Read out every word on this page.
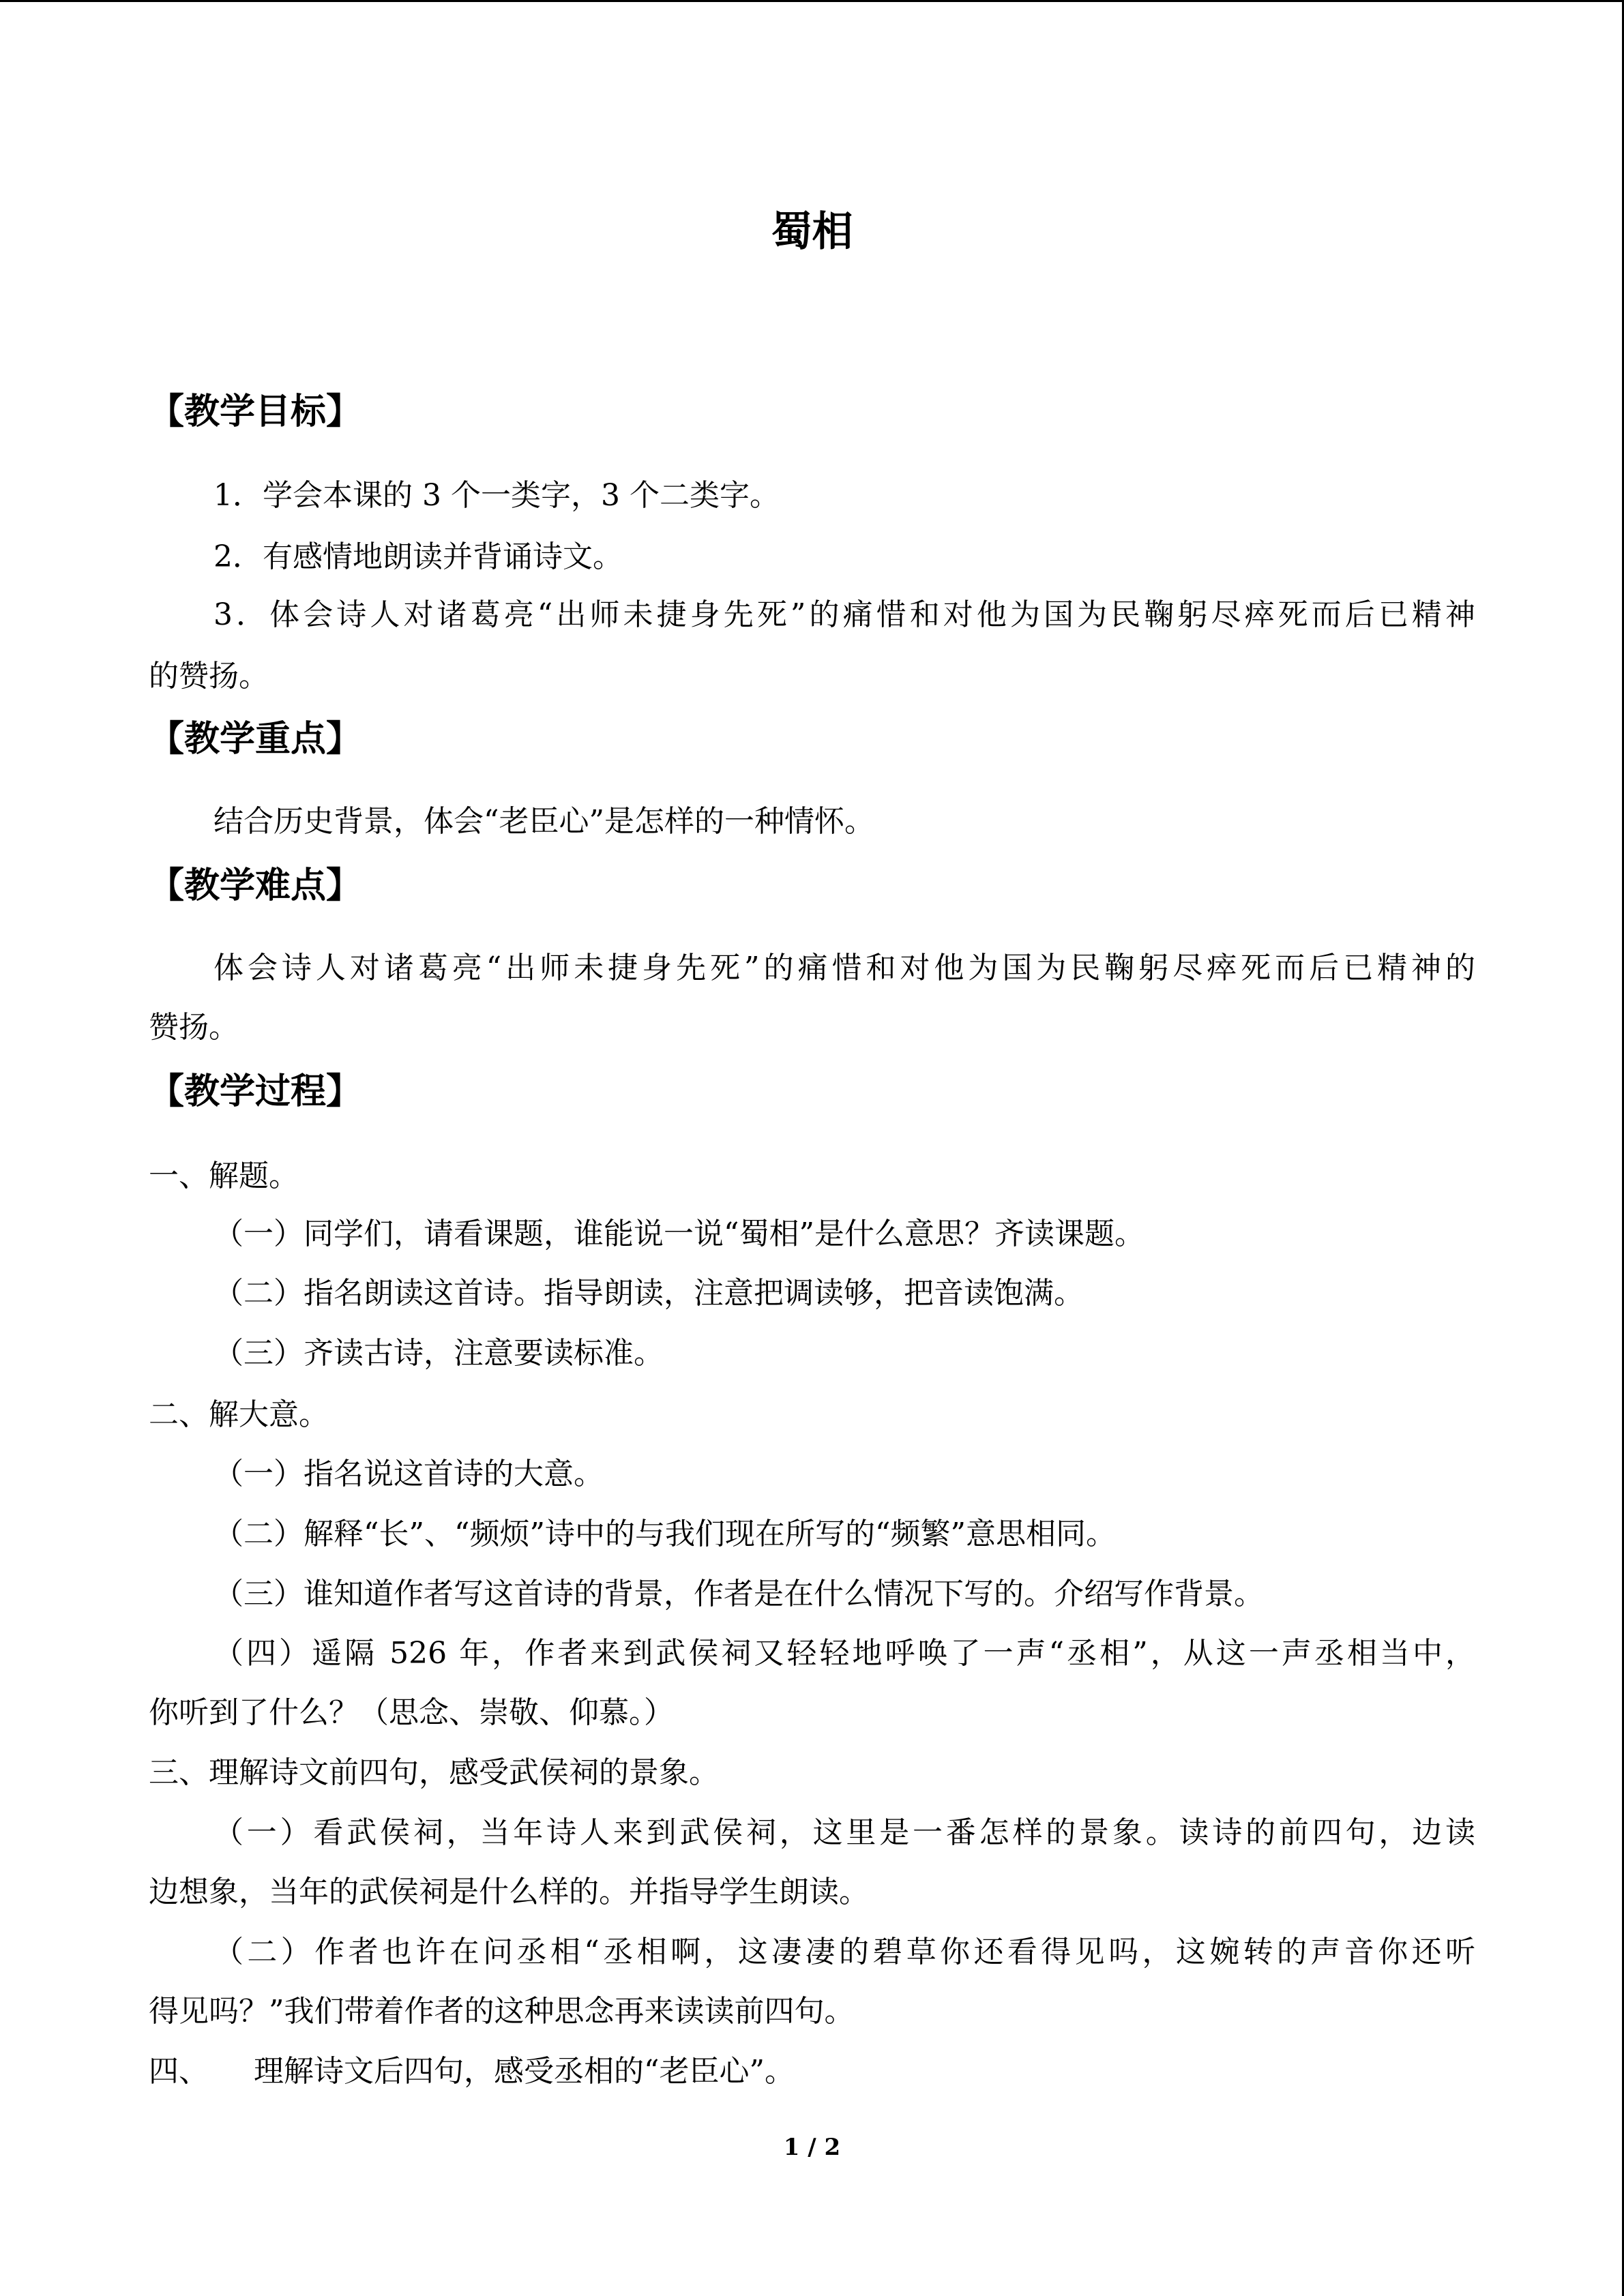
蜀相
【教学目标】
1．学会本课的 3 个一类字，3 个二类字。
2．有感情地朗读并背诵诗文。
3．体会诗人对诸葛亮“出师未捷身先死”的痛惜和对他为国为民鞠躬尽瘁死而后已精神
的赞扬。
【教学重点】
结合历史背景，体会“老臣心”是怎样的一种情怀。
【教学难点】
体会诗人对诸葛亮“出师未捷身先死”的痛惜和对他为国为民鞠躬尽瘁死而后已精神的
赞扬。
【教学过程】
一、解题。
（一）同学们，请看课题，谁能说一说“蜀相”是什么意思？齐读课题。
（二）指名朗读这首诗。指导朗读，注意把调读够，把音读饱满。
（三）齐读古诗，注意要读标准。
二、解大意。
（一）指名说这首诗的大意。
（二）解释“长”、“频烦”诗中的与我们现在所写的“频繁”意思相同。
（三）谁知道作者写这首诗的背景，作者是在什么情况下写的。介绍写作背景。
（四）遥隔 526 年，作者来到武侯祠又轻轻地呼唤了一声“丞相”，从这一声丞相当中，
你听到了什么？（思念、崇敬、仰慕。）
三、理解诗文前四句，感受武侯祠的景象。
（一）看武侯祠，当年诗人来到武侯祠，这里是一番怎样的景象。读诗的前四句，边读
边想象，当年的武侯祠是什么样的。并指导学生朗读。
（二）作者也许在问丞相“丞相啊，这凄凄的碧草你还看得见吗，这婉转的声音你还听
得见吗？”我们带着作者的这种思念再来读读前四句。
四、　　理解诗文后四句，感受丞相的“老臣心”。
1 / 2
